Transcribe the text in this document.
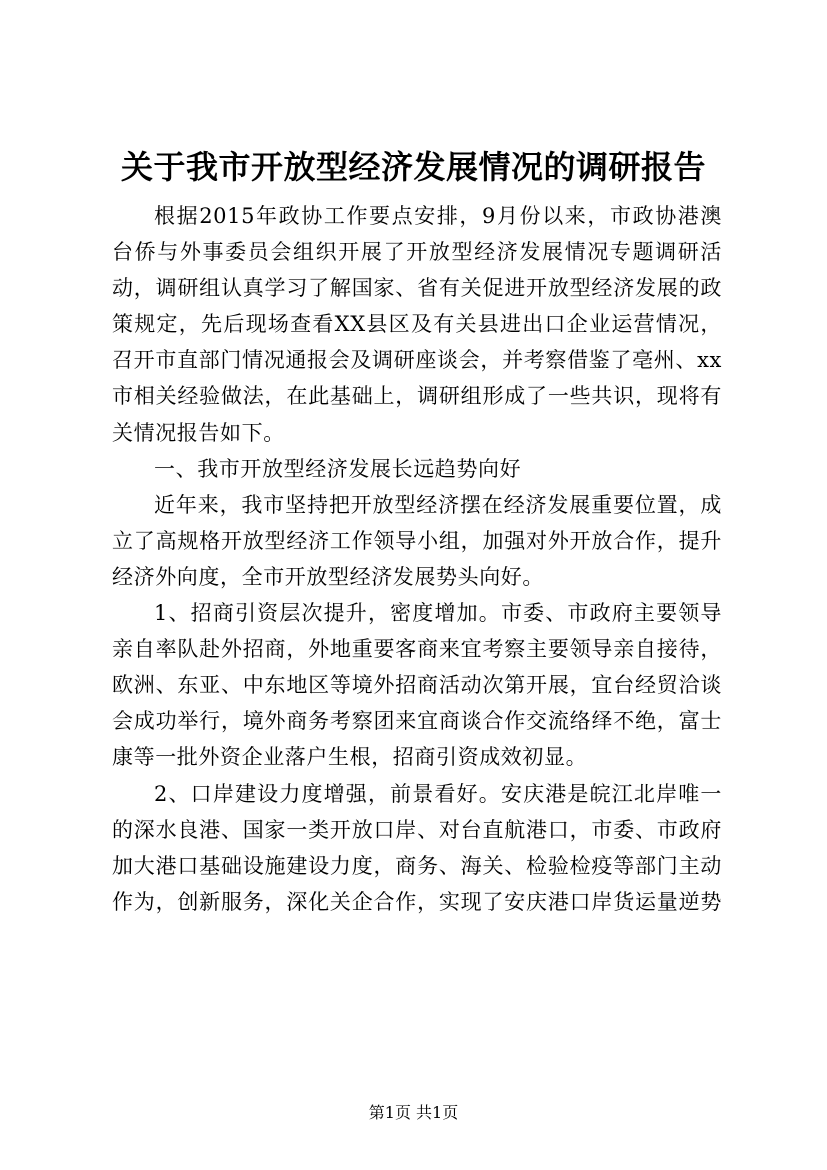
关于我市开放型经济发展情况的调研报告
根据2015年政协工作要点安排，9月份以来，市政协港澳
台侨与外事委员会组织开展了开放型经济发展情况专题调研活
动，调研组认真学习了解国家、省有关促进开放型经济发展的政
策规定，先后现场查看XX县区及有关县进出口企业运营情况，
召开市直部门情况通报会及调研座谈会，并考察借鉴了亳州、xx
市相关经验做法，在此基础上，调研组形成了一些共识，现将有
关情况报告如下。
一、我市开放型经济发展长远趋势向好
近年来，我市坚持把开放型经济摆在经济发展重要位置，成
立了高规格开放型经济工作领导小组，加强对外开放合作，提升
经济外向度，全市开放型经济发展势头向好。
1、招商引资层次提升，密度增加。市委、市政府主要领导
亲自率队赴外招商，外地重要客商来宜考察主要领导亲自接待，
欧洲、东亚、中东地区等境外招商活动次第开展，宜台经贸洽谈
会成功举行，境外商务考察团来宜商谈合作交流络绎不绝，富士
康等一批外资企业落户生根，招商引资成效初显。
2、口岸建设力度增强，前景看好。安庆港是皖江北岸唯一
的深水良港、国家一类开放口岸、对台直航港口，市委、市政府
加大港口基础设施建设力度，商务、海关、检验检疫等部门主动
作为，创新服务，深化关企合作，实现了安庆港口岸货运量逆势
第1页 共1页
